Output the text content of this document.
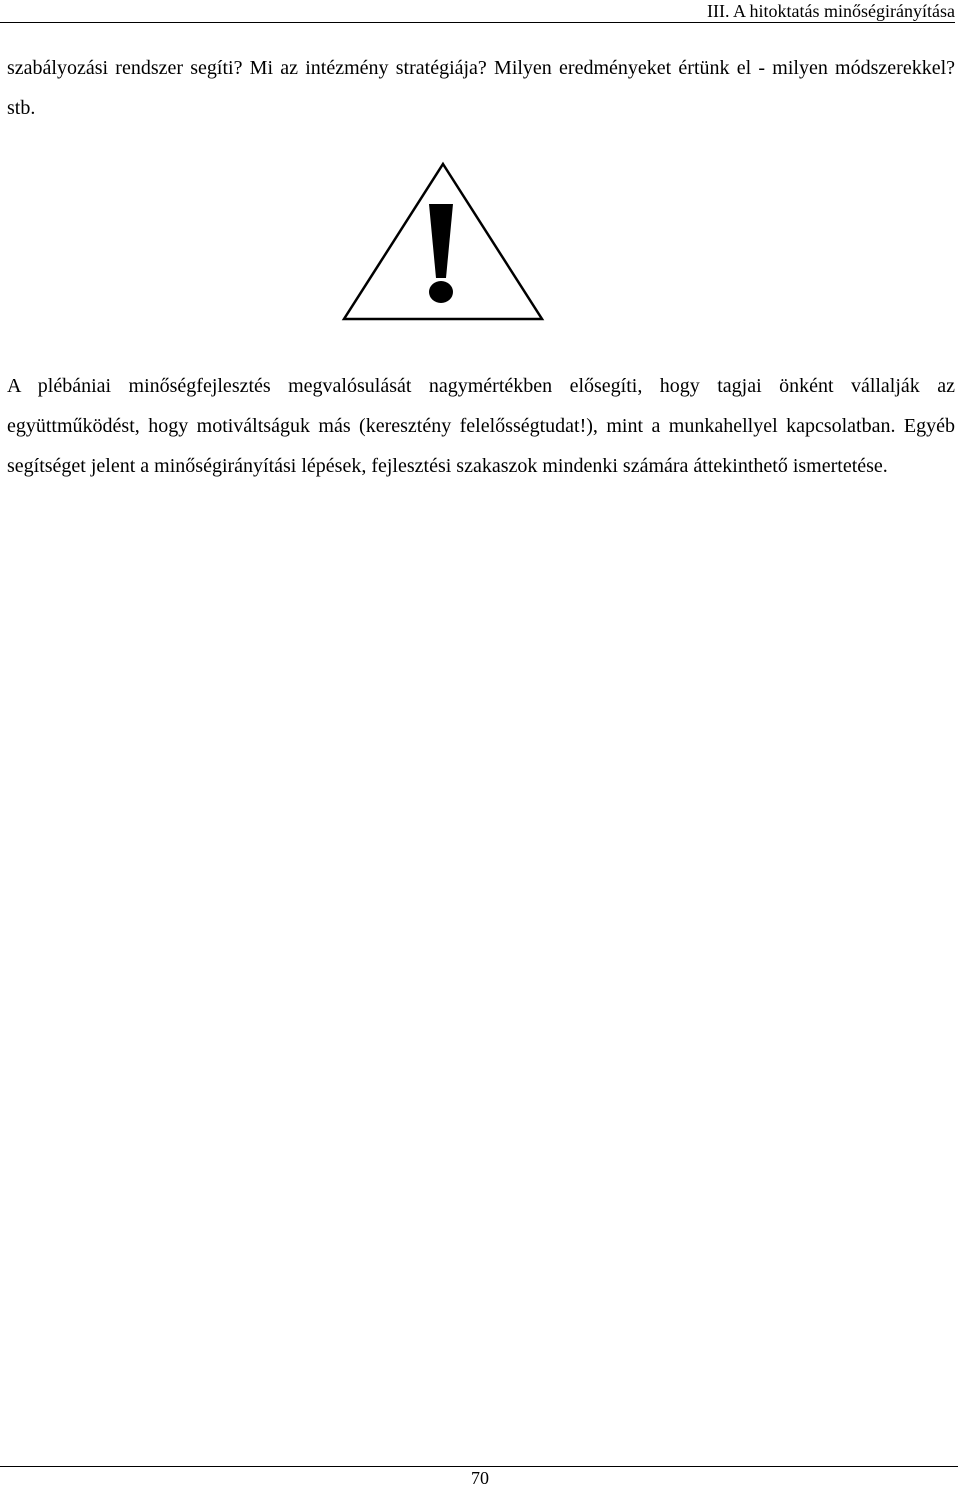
III. A hitoktatás minőségirányítása

szabályozási rendszer segíti? Mi az intézmény stratégiája? Milyen eredményeket értünk el - milyen módszerekkel? stb.

A plébániai minőségfejlesztés megvalósulását nagymértékben elősegíti, hogy tagjai önként vállalják az együttműködést, hogy motiváltságuk más (keresztény felelősségtudat!), mint a munkahellyel kapcsolatban. Egyéb segítséget jelent a minőségirányítási lépések, fejlesztési szakaszok mindenki számára áttekinthető ismertetése.

70
